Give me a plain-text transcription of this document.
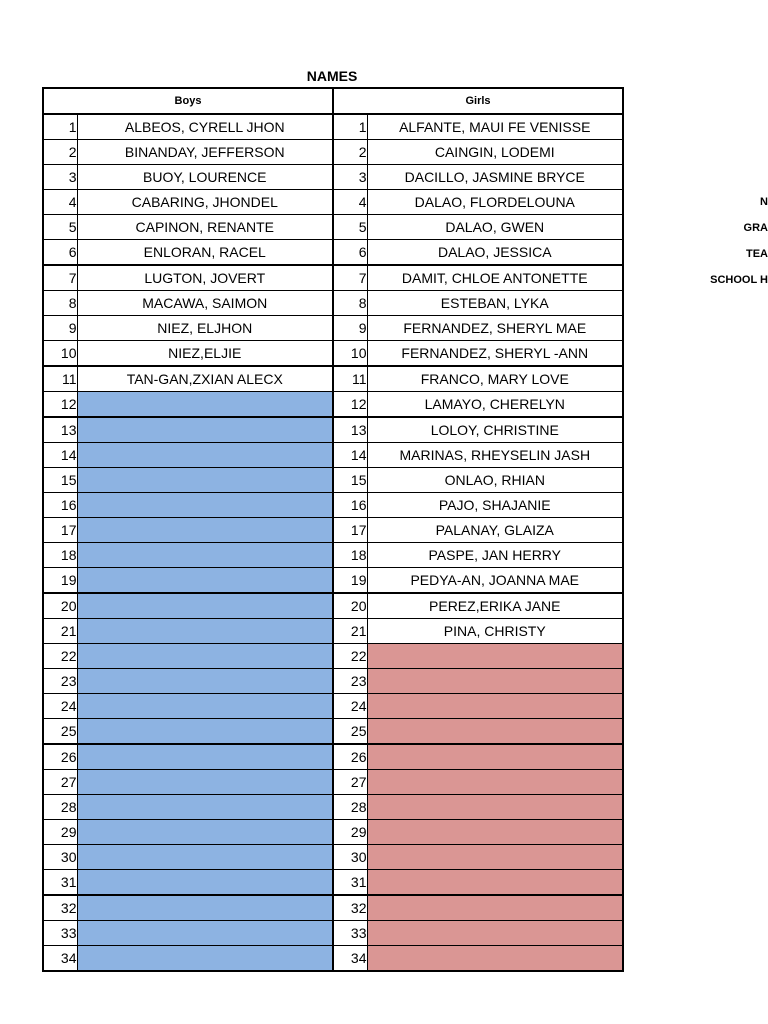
NAMES
Boys		Girls	
1	ALBEOS, CYRELL JHON	1	ALFANTE, MAUI FE VENISSE
2	BINANDAY, JEFFERSON	2	CAINGIN, LODEMI
3	BUOY, LOURENCE	3	DACILLO, JASMINE BRYCE
4	CABARING, JHONDEL	4	DALAO, FLORDELOUNA
5	CAPINON, RENANTE	5	DALAO, GWEN
6	ENLORAN, RACEL	6	DALAO, JESSICA
7	LUGTON, JOVERT	7	DAMIT, CHLOE ANTONETTE
8	MACAWA, SAIMON	8	ESTEBAN, LYKA
9	NIEZ, ELJHON	9	FERNANDEZ, SHERYL MAE
10	NIEZ,ELJIE	10	FERNANDEZ, SHERYL -ANN
11	TAN-GAN,ZXIAN ALECX	11	FRANCO, MARY LOVE
12		12	LAMAYO, CHERELYN
13		13	LOLOY, CHRISTINE
14		14	MARINAS, RHEYSELIN JASH
15		15	ONLAO, RHIAN
16		16	PAJO, SHAJANIE
17		17	PALANAY, GLAIZA
18		18	PASPE, JAN HERRY
19		19	PEDYA-AN, JOANNA MAE
20		20	PEREZ,ERIKA JANE
21		21	PINA, CHRISTY
22		22	
23		23	
24		24	
25		25	
26		26	
27		27	
28		28	
29		29	
30		30	
31		31	
32		32	
33		33	
34		34	
N
GRA
TEA
SCHOOL H
